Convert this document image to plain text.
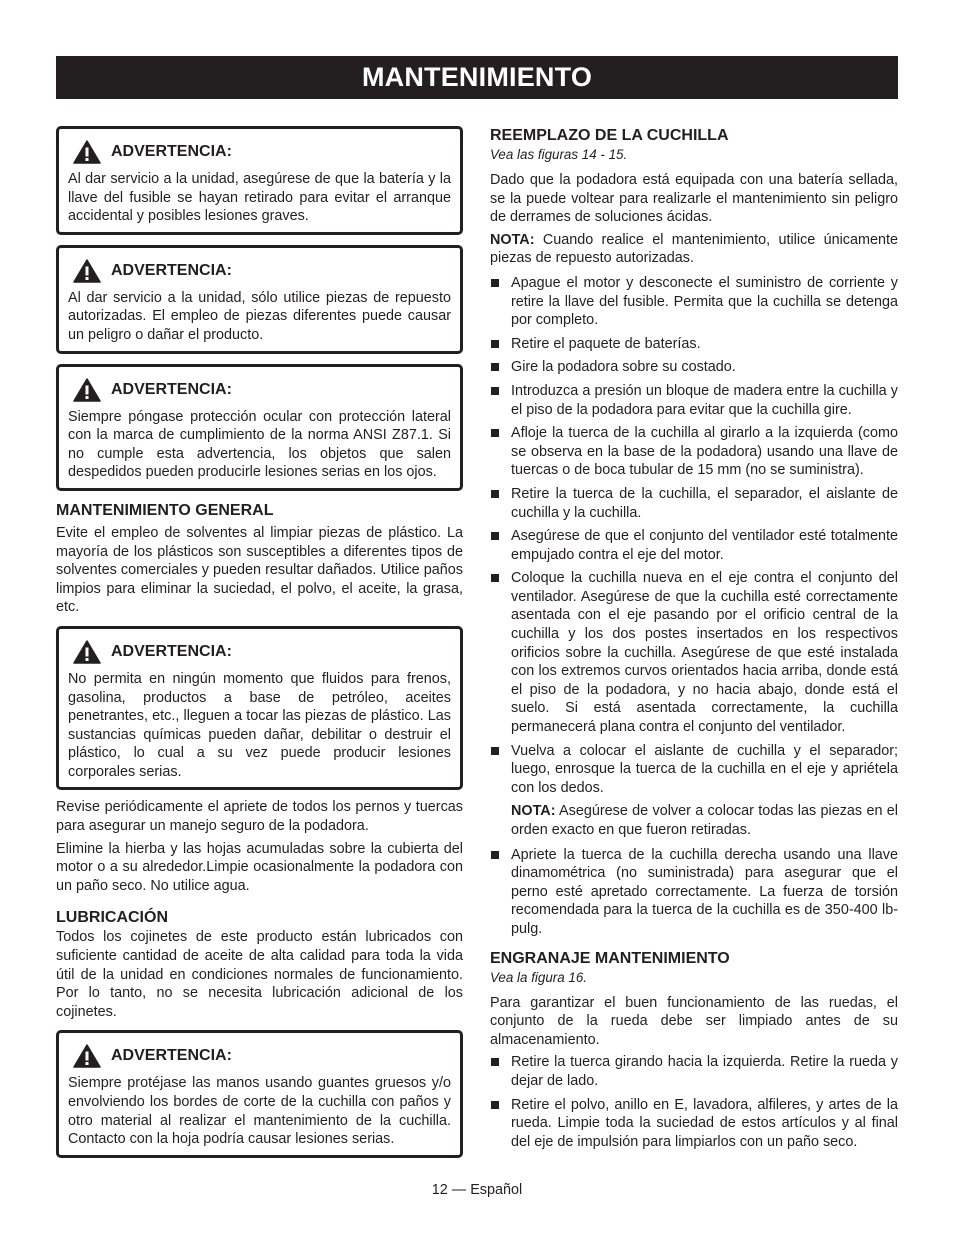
MANTENIMIENTO
ADVERTENCIA:

Al dar servicio a la unidad, asegúrese de que la batería y la llave del fusible se hayan retirado para evitar el arranque accidental y posibles lesiones graves.

ADVERTENCIA:

Al dar servicio a la unidad, sólo utilice piezas de repuesto autorizadas. El empleo de piezas diferentes puede causar un peligro o dañar el producto.

ADVERTENCIA:

Siempre póngase protección ocular con protección lateral con la marca de cumplimiento de la norma ANSI Z87.1. Si no cumple esta advertencia, los objetos que salen despedidos pueden producirle lesiones serias en los ojos.

MANTENIMIENTO GENERAL

Evite el empleo de solventes al limpiar piezas de plástico. La mayoría de los plásticos son susceptibles a diferentes tipos de solventes comerciales y pueden resultar dañados. Utilice paños limpios para eliminar la suciedad, el polvo, el aceite, la grasa, etc.

ADVERTENCIA:

No permita en ningún momento que fluidos para frenos, gasolina, productos a base de petróleo, aceites penetrantes, etc., lleguen a tocar las piezas de plástico. Las sustancias químicas pueden dañar, debilitar o destruir el plástico, lo cual a su vez puede producir lesiones corporales serias.

Revise periódicamente el apriete de todos los pernos y tuercas para asegurar un manejo seguro de la podadora.

Elimine la hierba y las hojas acumuladas sobre la cubierta del motor o a su alrededor.Limpie ocasionalmente la podadora con un paño seco. No utilice agua.

LUBRICACIÓN

Todos los cojinetes de este producto están lubricados con suficiente cantidad de aceite de alta calidad para toda la vida útil de la unidad en condiciones normales de funcionamiento. Por lo tanto, no se necesita lubricación adicional de los cojinetes.

ADVERTENCIA:

Siempre protéjase las manos usando guantes gruesos y/o envolviendo los bordes de corte de la cuchilla con paños y otro material al realizar el mantenimiento de la cuchilla. Contacto con la hoja podría causar lesiones serias.

REEMPLAZO DE LA CUCHILLA
Vea las figuras 14 - 15.

Dado que la podadora está equipada con una batería sellada, se la puede voltear para realizarle el mantenimiento sin peligro de derrames de soluciones ácidas.

NOTA: Cuando realice el mantenimiento, utilice únicamente piezas de repuesto autorizadas.

Apague el motor y desconecte el suministro de corriente y retire la llave del fusible. Permita que la cuchilla se detenga por completo.
Retire el paquete de baterías.
Gire la podadora sobre su costado.
Introduzca a presión un bloque de madera entre la cuchilla y el piso de la podadora para evitar que la cuchilla gire.
Afloje la tuerca de la cuchilla al girarlo a la izquierda (como se observa en la base de la podadora) usando una llave de tuercas o de boca tubular de 15 mm (no se suministra).
Retire la tuerca de la cuchilla, el separador, el aislante de cuchilla y la cuchilla.
Asegúrese de que el conjunto del ventilador esté totalmente empujado contra el eje del motor.
Coloque la cuchilla nueva en el eje contra el conjunto del ventilador. Asegúrese de que la cuchilla esté correctamente asentada con el eje pasando por el orificio central de la cuchilla y los dos postes insertados en los respectivos orificios sobre la cuchilla. Asegúrese de que esté instalada con los extremos curvos orientados hacia arriba, donde está el piso de la podadora, y no hacia abajo, donde está el suelo. Si está asentada correctamente, la cuchilla permanecerá plana contra el conjunto del ventilador.
Vuelva a colocar el aislante de cuchilla y el separador; luego, enrosque la tuerca de la cuchilla en el eje y apriétela con los dedos.

NOTA: Asegúrese de volver a colocar todas las piezas en el orden exacto en que fueron retiradas.

Apriete la tuerca de la cuchilla derecha usando una llave dinamométrica (no suministrada) para asegurar que el perno esté apretado correctamente. La fuerza de torsión recomendada para la tuerca de la cuchilla es de 350-400 lb-pulg.
ENGRANAJE MANTENIMIENTO
Vea la figura 16.

Para garantizar el buen funcionamiento de las ruedas, el conjunto de la rueda debe ser limpiado antes de su almacenamiento.

Retire la tuerca girando hacia la izquierda. Retire la rueda y dejar de lado.
Retire el polvo, anillo en E, lavadora, alfileres, y artes de la rueda. Limpie toda la suciedad de estos artículos y al final del eje de impulsión para limpiarlos con un paño seco.
12 — Español
